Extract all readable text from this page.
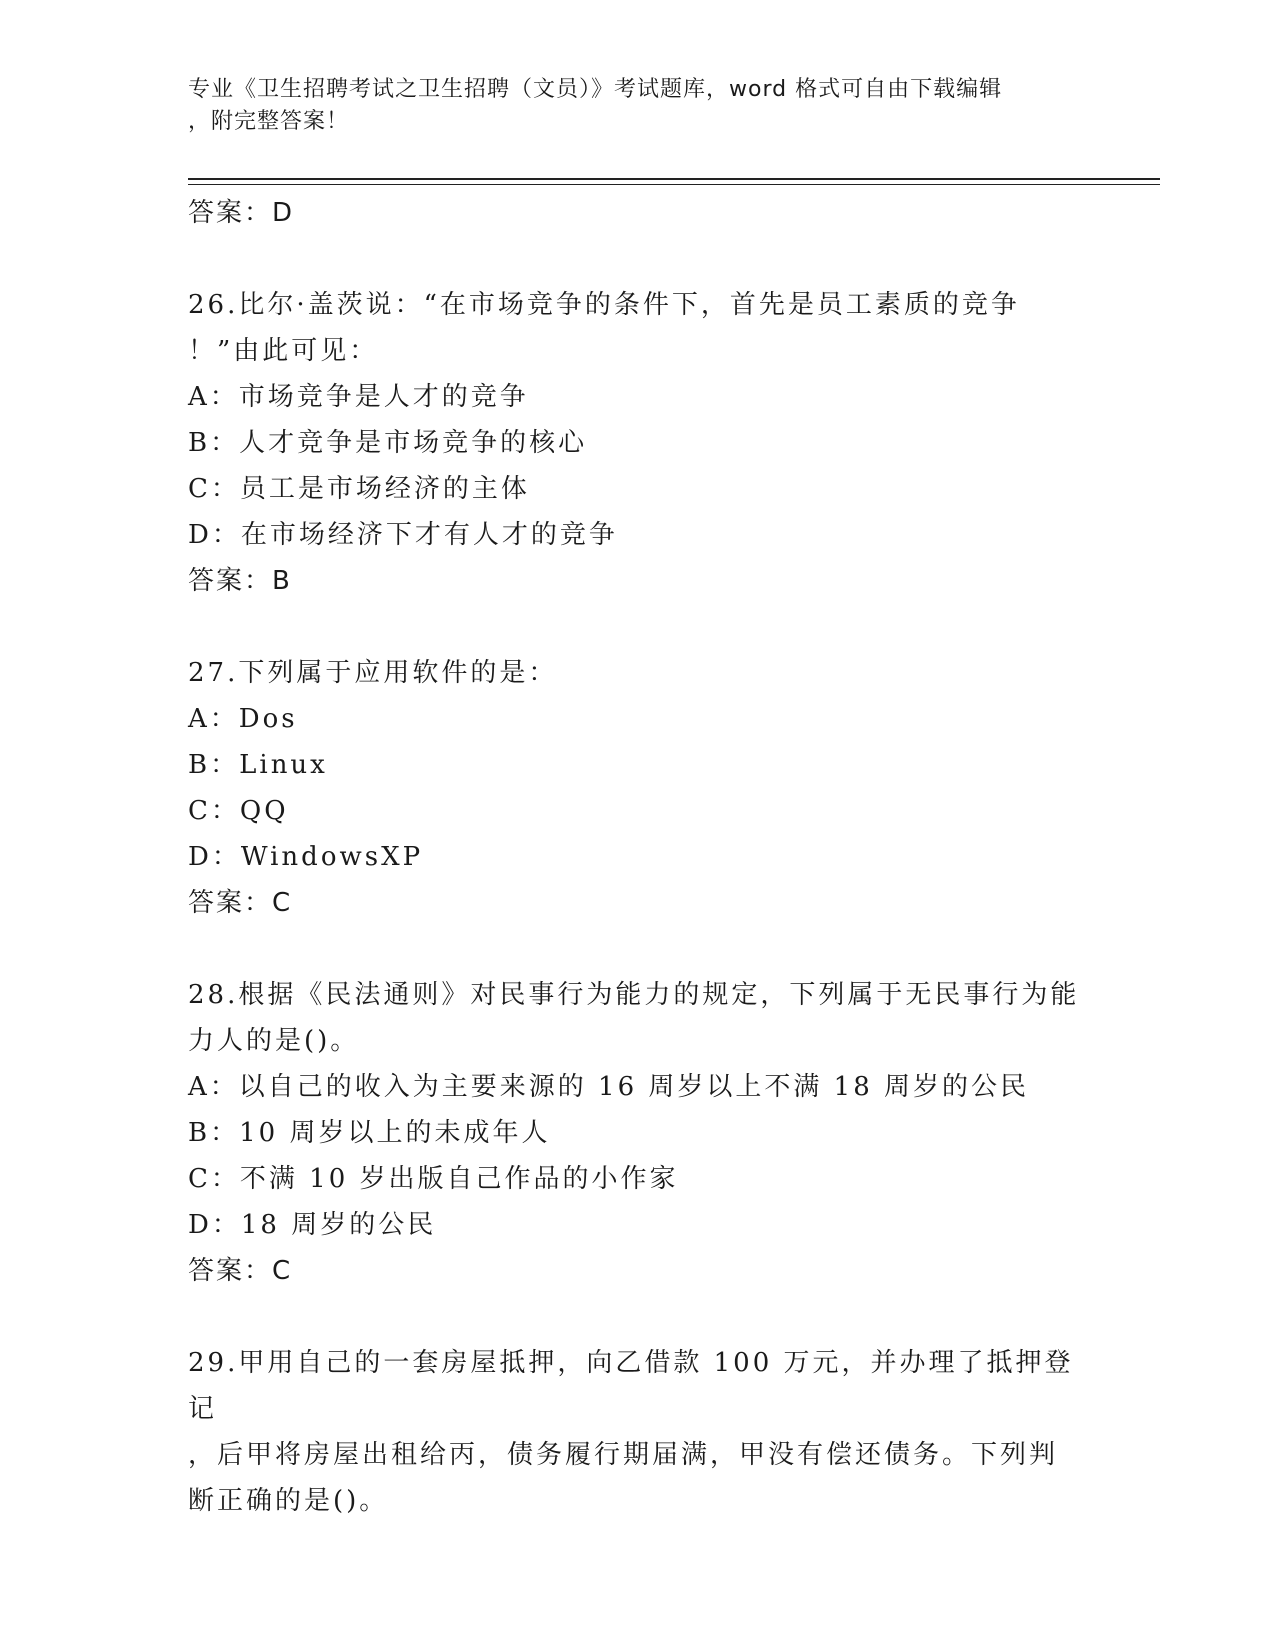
专业《卫生招聘考试之卫生招聘（文员）》考试题库，word 格式可自由下载编辑
，附完整答案！
答案：D
26.比尔·盖茨说：“在市场竞争的条件下，首先是员工素质的竞争
！”由此可见：
A：市场竞争是人才的竞争
B：人才竞争是市场竞争的核心
C：员工是市场经济的主体
D：在市场经济下才有人才的竞争
答案：B
27.下列属于应用软件的是：
A：Dos
B：Linux
C：QQ
D：WindowsXP
答案：C
28.根据《民法通则》对民事行为能力的规定，下列属于无民事行为能
力人的是()。
A：以自己的收入为主要来源的 16 周岁以上不满 18 周岁的公民
B：10 周岁以上的未成年人
C：不满 10 岁出版自己作品的小作家
D：18 周岁的公民
答案：C
29.甲用自己的一套房屋抵押，向乙借款 100 万元，并办理了抵押登记
，后甲将房屋出租给丙，债务履行期届满，甲没有偿还债务。下列判
断正确的是()。
